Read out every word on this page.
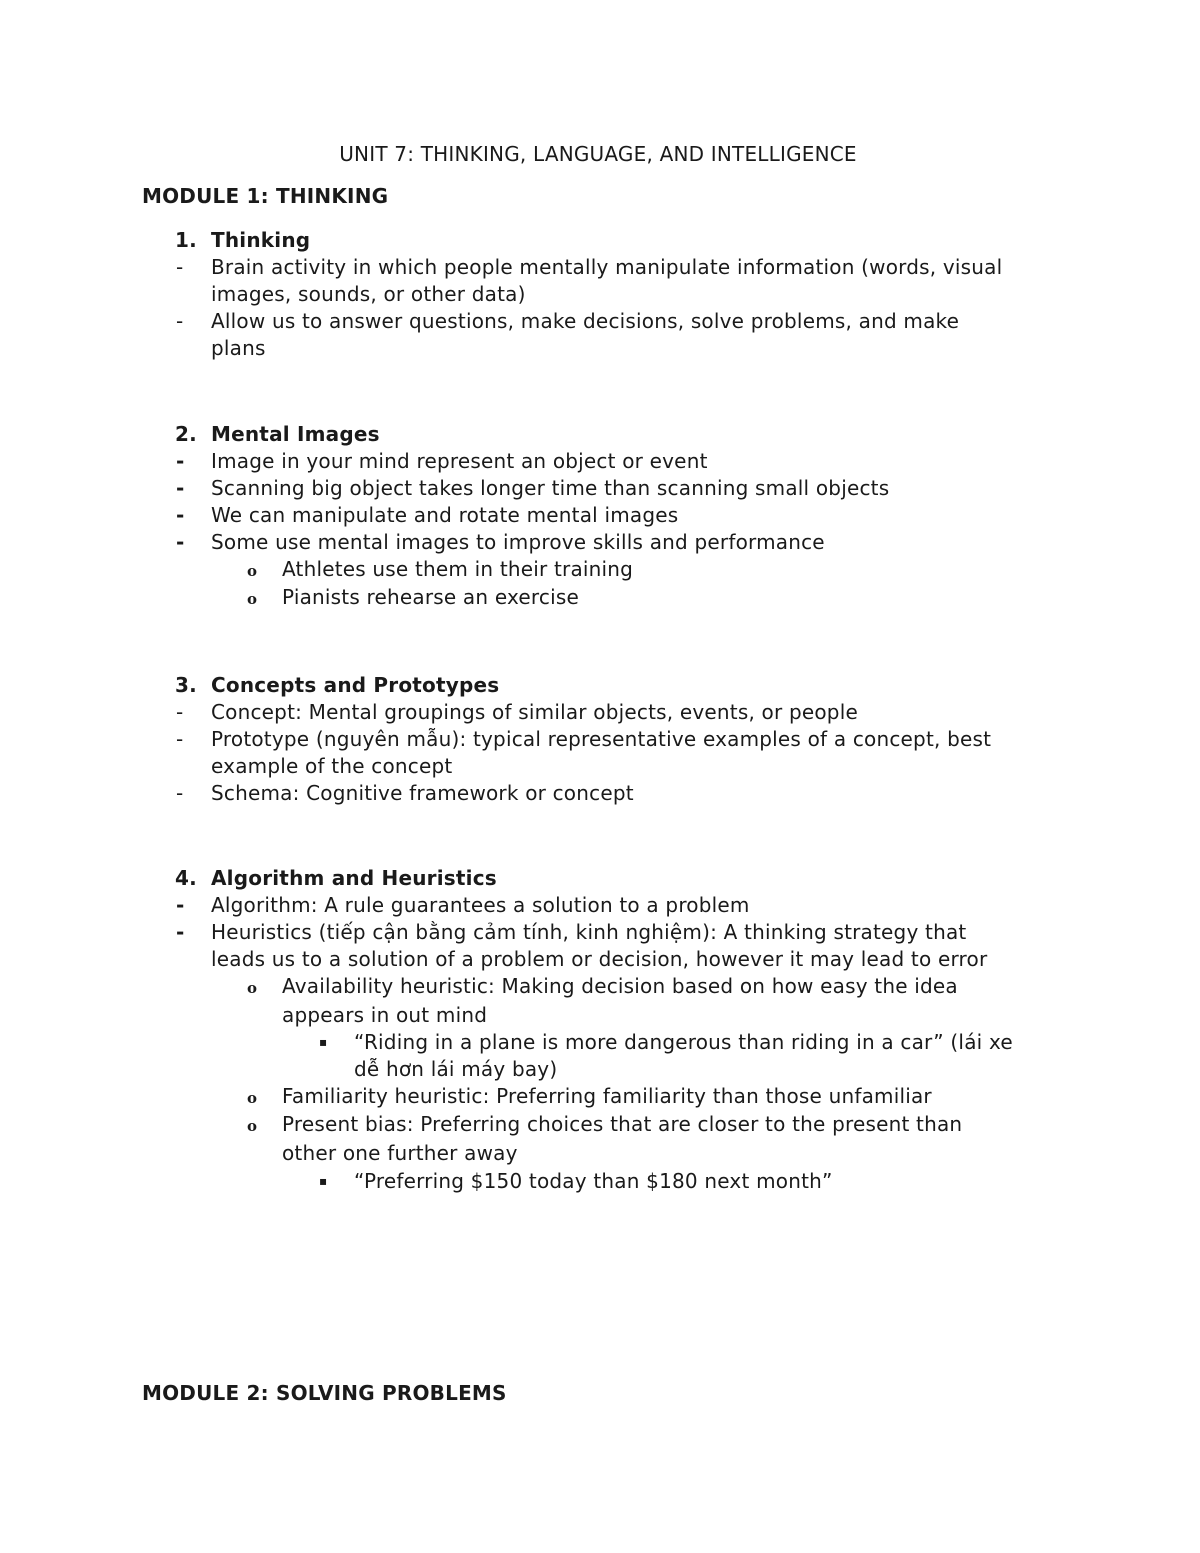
UNIT 7: THINKING, LANGUAGE, AND INTELLIGENCE
MODULE 1: THINKING
1. Thinking
- Brain activity in which people mentally manipulate information (words, visual
images, sounds, or other data)
- Allow us to answer questions, make decisions, solve problems, and make
plans
2. Mental Images
- Image in your mind represent an object or event
- Scanning big object takes longer time than scanning small objects
- We can manipulate and rotate mental images
- Some use mental images to improve skills and performance
o Athletes use them in their training
o Pianists rehearse an exercise
3. Concepts and Prototypes
- Concept: Mental groupings of similar objects, events, or people
- Prototype (nguyên mẫu): typical representative examples of a concept, best
example of the concept
- Schema: Cognitive framework or concept
4. Algorithm and Heuristics
- Algorithm: A rule guarantees a solution to a problem
- Heuristics (tiếp cận bằng cảm tính, kinh nghiệm): A thinking strategy that
leads us to a solution of a problem or decision, however it may lead to error
o Availability heuristic: Making decision based on how easy the idea
appears in out mind
▪ “Riding in a plane is more dangerous than riding in a car” (lái xe
dễ hơn lái máy bay)
o Familiarity heuristic: Preferring familiarity than those unfamiliar
o Present bias: Preferring choices that are closer to the present than
other one further away
▪ “Preferring $150 today than $180 next month”
MODULE 2: SOLVING PROBLEMS
